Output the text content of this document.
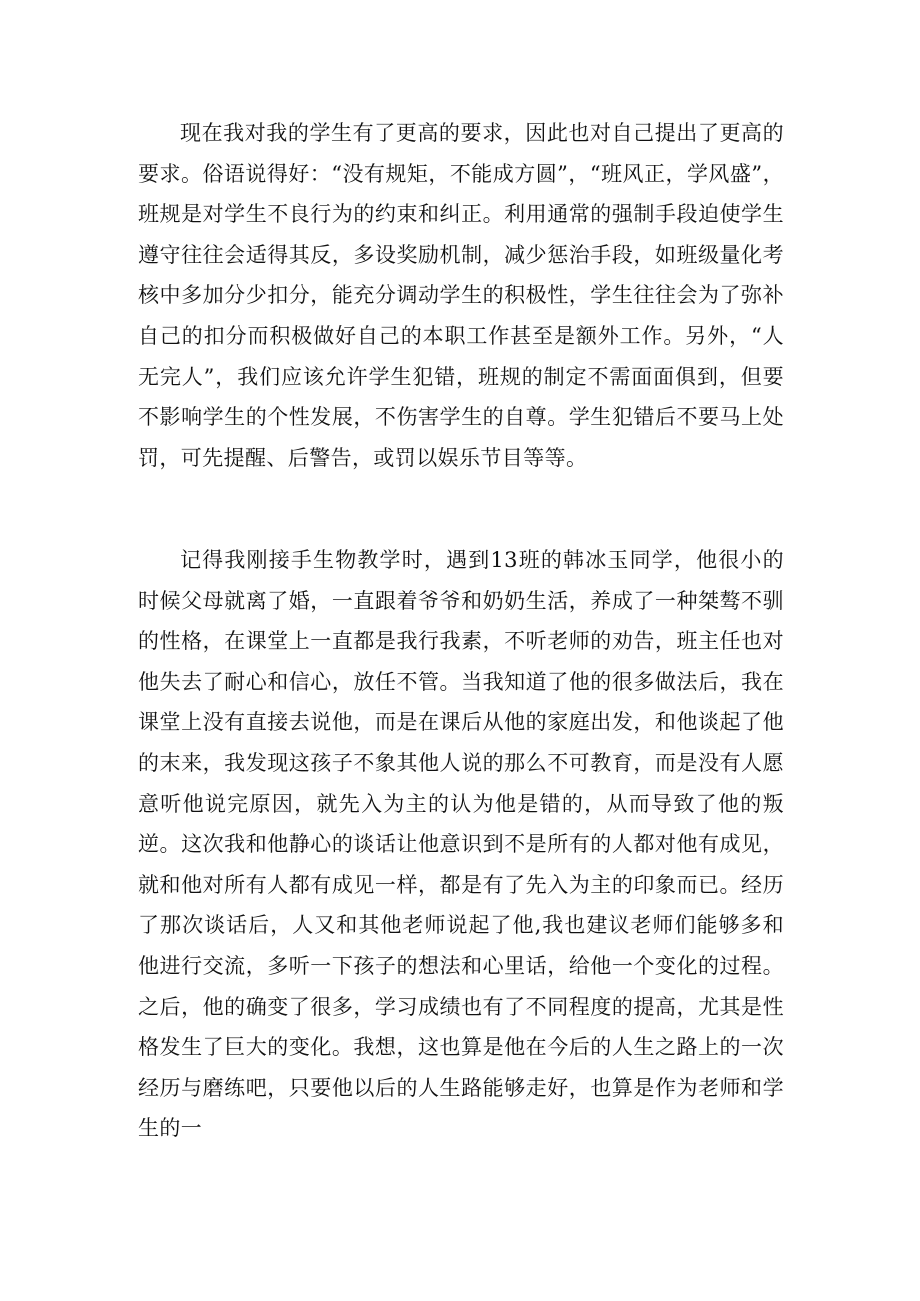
现在我对我的学生有了更高的要求，因此也对自己提出了更高的要求。俗语说得好：“没有规矩，不能成方圆”，“班风正，学风盛”，班规是对学生不良行为的约束和纠正。利用通常的强制手段迫使学生遵守往往会适得其反，多设奖励机制，减少惩治手段，如班级量化考核中多加分少扣分，能充分调动学生的积极性，学生往往会为了弥补自己的扣分而积极做好自己的本职工作甚至是额外工作。另外，“人无完人”，我们应该允许学生犯错，班规的制定不需面面俱到，但要不影响学生的个性发展，不伤害学生的自尊。学生犯错后不要马上处罚，可先提醒、后警告，或罚以娱乐节目等等。

记得我刚接手生物教学时，遇到13班的韩冰玉同学，他很小的时候父母就离了婚，一直跟着爷爷和奶奶生活，养成了一种桀骜不驯的性格，在课堂上一直都是我行我素，不听老师的劝告，班主任也对他失去了耐心和信心，放任不管。当我知道了他的很多做法后，我在课堂上没有直接去说他，而是在课后从他的家庭出发，和他谈起了他的末来，我发现这孩子不象其他人说的那么不可教育，而是没有人愿意听他说完原因，就先入为主的认为他是错的，从而导致了他的叛逆。这次我和他静心的谈话让他意识到不是所有的人都对他有成见，就和他对所有人都有成见一样，都是有了先入为主的印象而已。经历了那次谈话后，人又和其他老师说起了他,我也建议老师们能够多和他进行交流，多听一下孩子的想法和心里话，给他一个变化的过程。之后，他的确变了很多，学习成绩也有了不同程度的提高，尤其是性格发生了巨大的变化。我想，这也算是他在今后的人生之路上的一次经历与磨练吧，只要他以后的人生路能够走好，也算是作为老师和学生的一
